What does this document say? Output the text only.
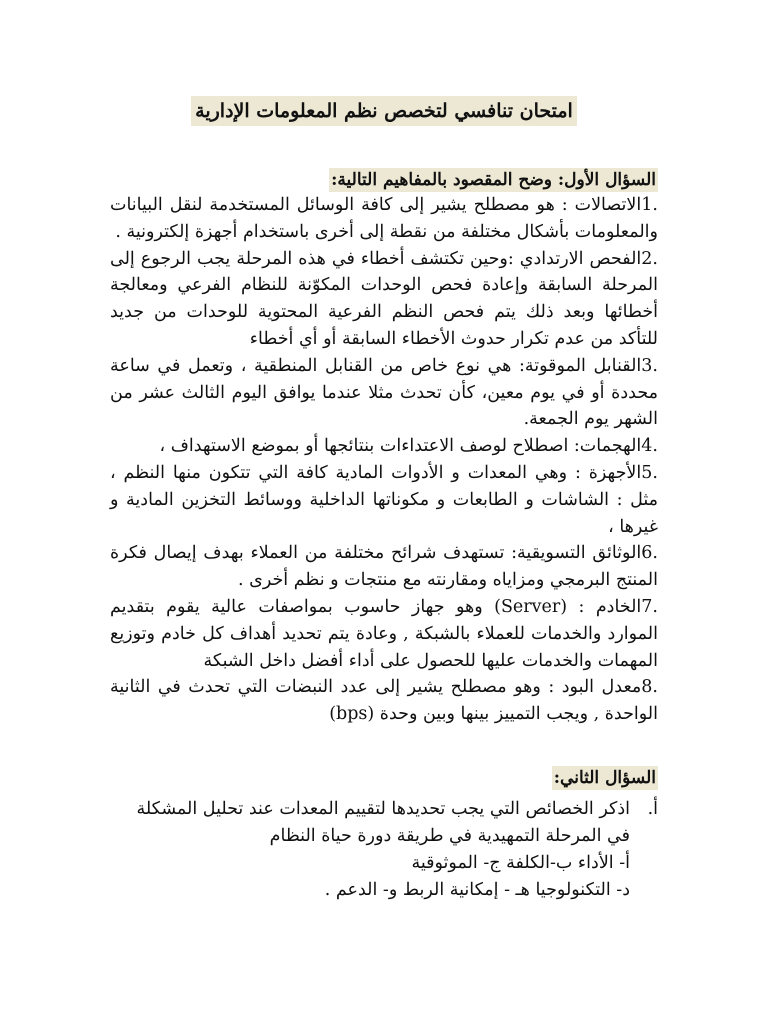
امتحان تنافسي لتخصص نظم المعلومات الإدارية
السؤال الأول: وضح المقصود بالمفاهيم التالية:

.1الاتصالات : هو مصطلح يشير إلى كافة الوسائل المستخدمة لنقل البيانات والمعلومات بأشكال مختلفة من نقطة إلى أخرى باستخدام أجهزة إلكترونية .

.2الفحص الارتدادي :وحين تكتشف أخطاء في هذه المرحلة يجب الرجوع إلى المرحلة السابقة وإعادة فحص الوحدات المكوّنة للنظام الفرعي ومعالجة أخطائها وبعد ذلك يتم فحص النظم الفرعية المحتوية للوحدات من جديد للتأكد من عدم تكرار حدوث الأخطاء السابقة أو أي أخطاء

.3القنابل الموقوتة: هي نوع خاص من القنابل المنطقية ، وتعمل في ساعة محددة أو في يوم معين، كأن تحدث مثلا عندما يوافق اليوم الثالث عشر من الشهر يوم الجمعة.

.4الهجمات: اصطلاح لوصف الاعتداءات بنتائجها أو بموضع الاستهداف ،

.5الأجهزة : وهي المعدات و الأدوات المادية كافة التي تتكون منها النظم ، مثل : الشاشات و الطابعات و مكوناتها الداخلية ووسائط التخزين المادية و غيرها ،

.6الوثائق التسويقية: تستهدف شرائح مختلفة من العملاء بهدف إيصال فكرة المنتج البرمجي ومزاياه ومقارنته مع منتجات و نظم أخرى .

.7الخادم : (Server) وهو جهاز حاسوب بمواصفات عالية يقوم بتقديم الموارد والخدمات للعملاء بالشبكة , وعادة يتم تحديد أهداف كل خادم وتوزيع المهمات والخدمات عليها للحصول على أداء أفضل داخل الشبكة

.8معدل البود : وهو مصطلح يشير إلى عدد النبضات التي تحدث في الثانية الواحدة , ويجب التمييز بينها وبين وحدة (bps)

السؤال الثاني:
أ.

اذكر الخصائص التي يجب تحديدها لتقييم المعدات عند تحليل المشكلة في المرحلة التمهيدية في طريقة دورة حياة النظام

أ- الأداء ب-الكلفة ج- الموثوقية

د- التكنولوجيا هـ - إمكانية الربط و- الدعم .
